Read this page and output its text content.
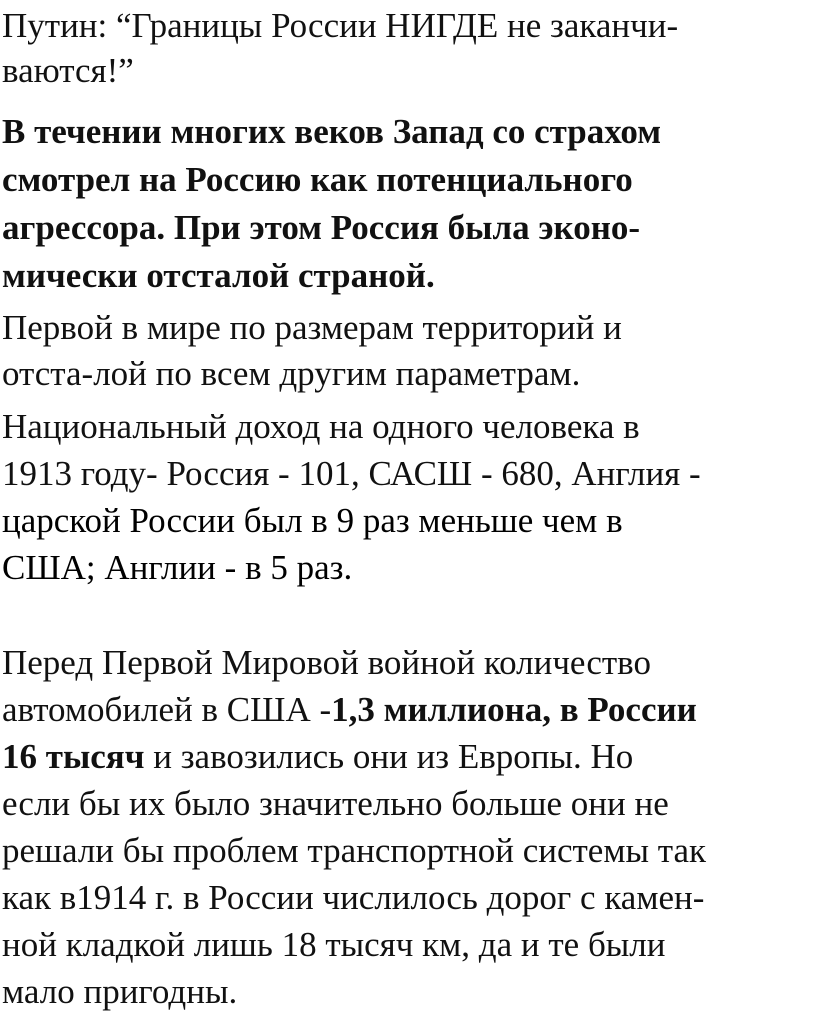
Путин: “Границы России НИГДЕ не заканчи-
ваются!”
В течении многих веков Запад со страхом
смотрел на Россию как потенциального
агрессора. При этом Россия была эконо-
мически отсталой страной.
Первой в мире по размерам территорий и
отста-лой по всем другим параметрам.
Национальный доход на одного человека в
1913 году- Россия - 101, САСШ - 680, Англия -
царской России был в 9 раз меньше чем в
США; Англии - в 5 раз.
Перед Первой Мировой войной количество
автомобилей в США -1,3 миллиона, в России
16 тысяч и завозились они из Европы. Но
если бы их было значительно больше они не
решали бы проблем транспортной системы так
как в1914 г. в России числилось дорог с камен-
ной кладкой лишь 18 тысяч км, да и те были
мало пригодны.
